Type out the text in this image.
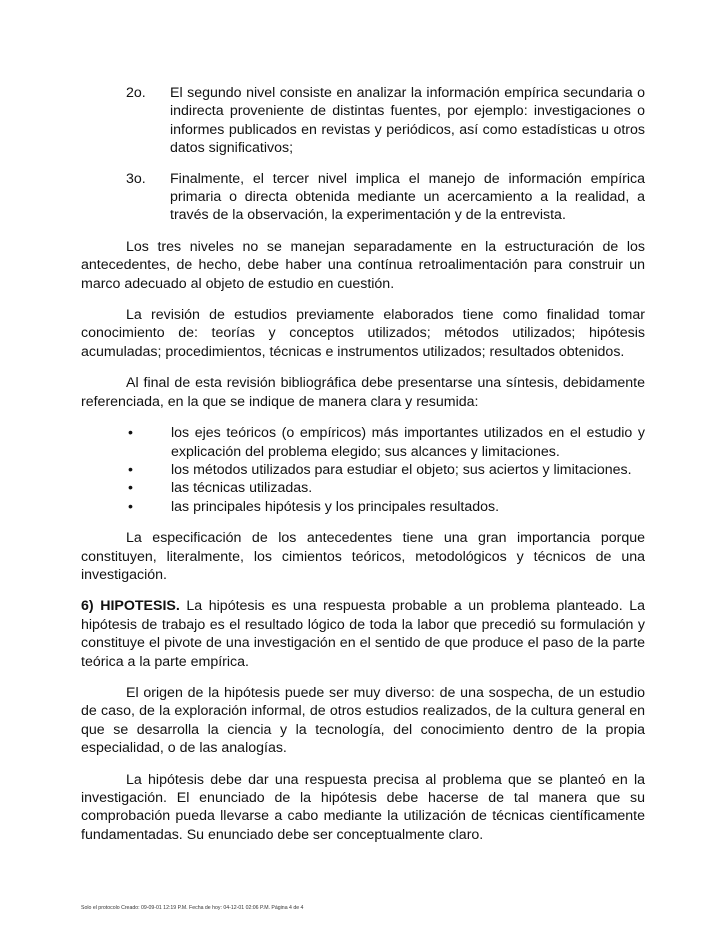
2o.	El segundo nivel consiste en analizar la información empírica secundaria o indirecta proveniente de distintas fuentes, por ejemplo: investigaciones o informes publicados en revistas y periódicos, así como estadísticas u otros datos significativos;
3o.	Finalmente, el tercer nivel implica el manejo de información empírica primaria o directa obtenida mediante un acercamiento a la realidad, a través de la observación, la experimentación y de la entrevista.

Los tres niveles no se manejan separadamente en la estructuración de los antecedentes, de hecho, debe haber una contínua retroalimentación para construir un marco adecuado al objeto de estudio en cuestión.

La revisión de estudios previamente elaborados tiene como finalidad tomar conocimiento de: teorías y conceptos utilizados; métodos utilizados; hipótesis acumuladas; procedimientos, técnicas e instrumentos utilizados; resultados obtenidos.

Al final de esta revisión bibliográfica debe presentarse una síntesis, debidamente referenciada, en la que se indique de manera clara y resumida:

•	los ejes teóricos (o empíricos) más importantes utilizados en el estudio y explicación del problema elegido; sus alcances y limitaciones.
•	los métodos utilizados para estudiar el objeto; sus aciertos y limitaciones.
•	las técnicas utilizadas.
•	las principales hipótesis y los principales resultados.

La especificación de los antecedentes tiene una gran importancia porque constituyen, literalmente, los cimientos teóricos, metodológicos y técnicos de una investigación.

6) HIPOTESIS. La hipótesis es una respuesta probable a un problema planteado. La hipótesis de trabajo es el resultado lógico de toda la labor que precedió su formulación y constituye el pivote de una investigación en el sentido de que produce el paso de la parte teórica a la parte empírica.

El origen de la hipótesis puede ser muy diverso: de una sospecha, de un estudio de caso, de la exploración informal, de otros estudios realizados, de la cultura general en que se desarrolla la ciencia y la tecnología, del conocimiento dentro de la propia especialidad, o de las analogías.

La hipótesis debe dar una respuesta precisa al problema que se planteó en la investigación. El enunciado de la hipótesis debe hacerse de tal manera que su comprobación pueda llevarse a cabo mediante la utilización de técnicas científicamente fundamentadas. Su enunciado debe ser conceptualmente claro.

Solo el protocolo Creado: 09-09-01 12:19 P.M. Fecha de hoy: 04-12-01 02:06 P.M. Página 4 de 4
